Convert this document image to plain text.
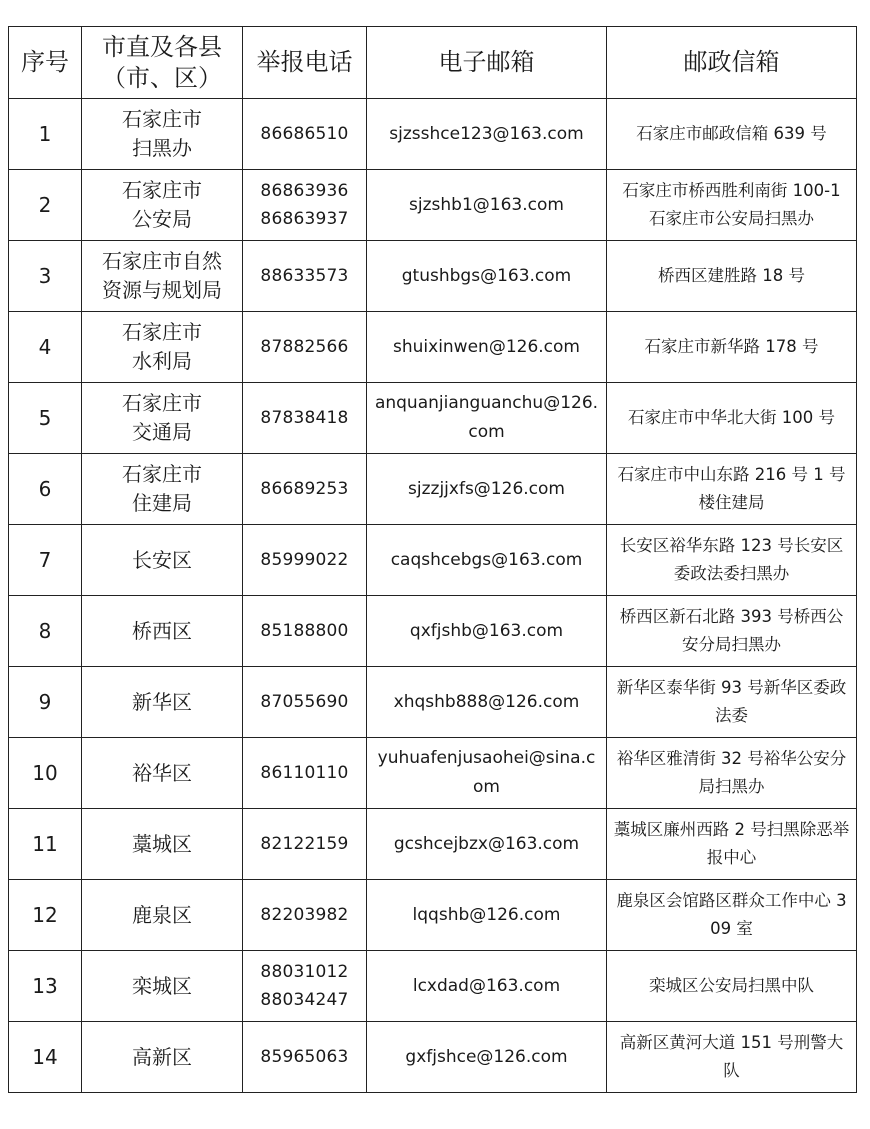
序号	市直及各县
（市、区）	举报电话	电子邮箱	邮政信箱
1	石家庄市
扫黑办	86686510	sjzsshce123@163.com	石家庄市邮政信箱 639 号

2	石家庄市
公安局	86863936
86863937	sjzshb1@163.com	石家庄市桥西胜利南街 100-1 石家庄市公安局扫黑办

3	石家庄市自然
资源与规划局	88633573	gtushbgs@163.com	桥西区建胜路 18 号

4	石家庄市
水利局	87882566	shuixinwen@126.com	石家庄市新华路 178 号

5	石家庄市
交通局	87838418	anquanjianguanchu@126.com	石家庄市中华北大街 100 号

6	石家庄市
住建局	86689253	sjzzjjxfs@126.com	石家庄市中山东路 216 号 1 号楼住建局

7	长安区	85999022	caqshcebgs@163.com	长安区裕华东路 123 号长安区委政法委扫黑办

8	桥西区	85188800	qxfjshb@163.com	桥西区新石北路 393 号桥西公安分局扫黑办

9	新华区	87055690	xhqshb888@126.com	新华区泰华街 93 号新华区委政法委

10	裕华区	86110110	yuhuafenjusaohei@sina.com	裕华区雅清街 32 号裕华公安分局扫黑办

11	藁城区	82122159	gcshcejbzx@163.com	藁城区廉州西路 2 号扫黑除恶举报中心

12	鹿泉区	82203982	lqqshb@126.com	鹿泉区会馆路区群众工作中心 309 室

13	栾城区	88031012
88034247	lcxdad@163.com	栾城区公安局扫黑中队

14	高新区	85965063	gxfjshce@126.com	高新区黄河大道 151 号刑警大队
